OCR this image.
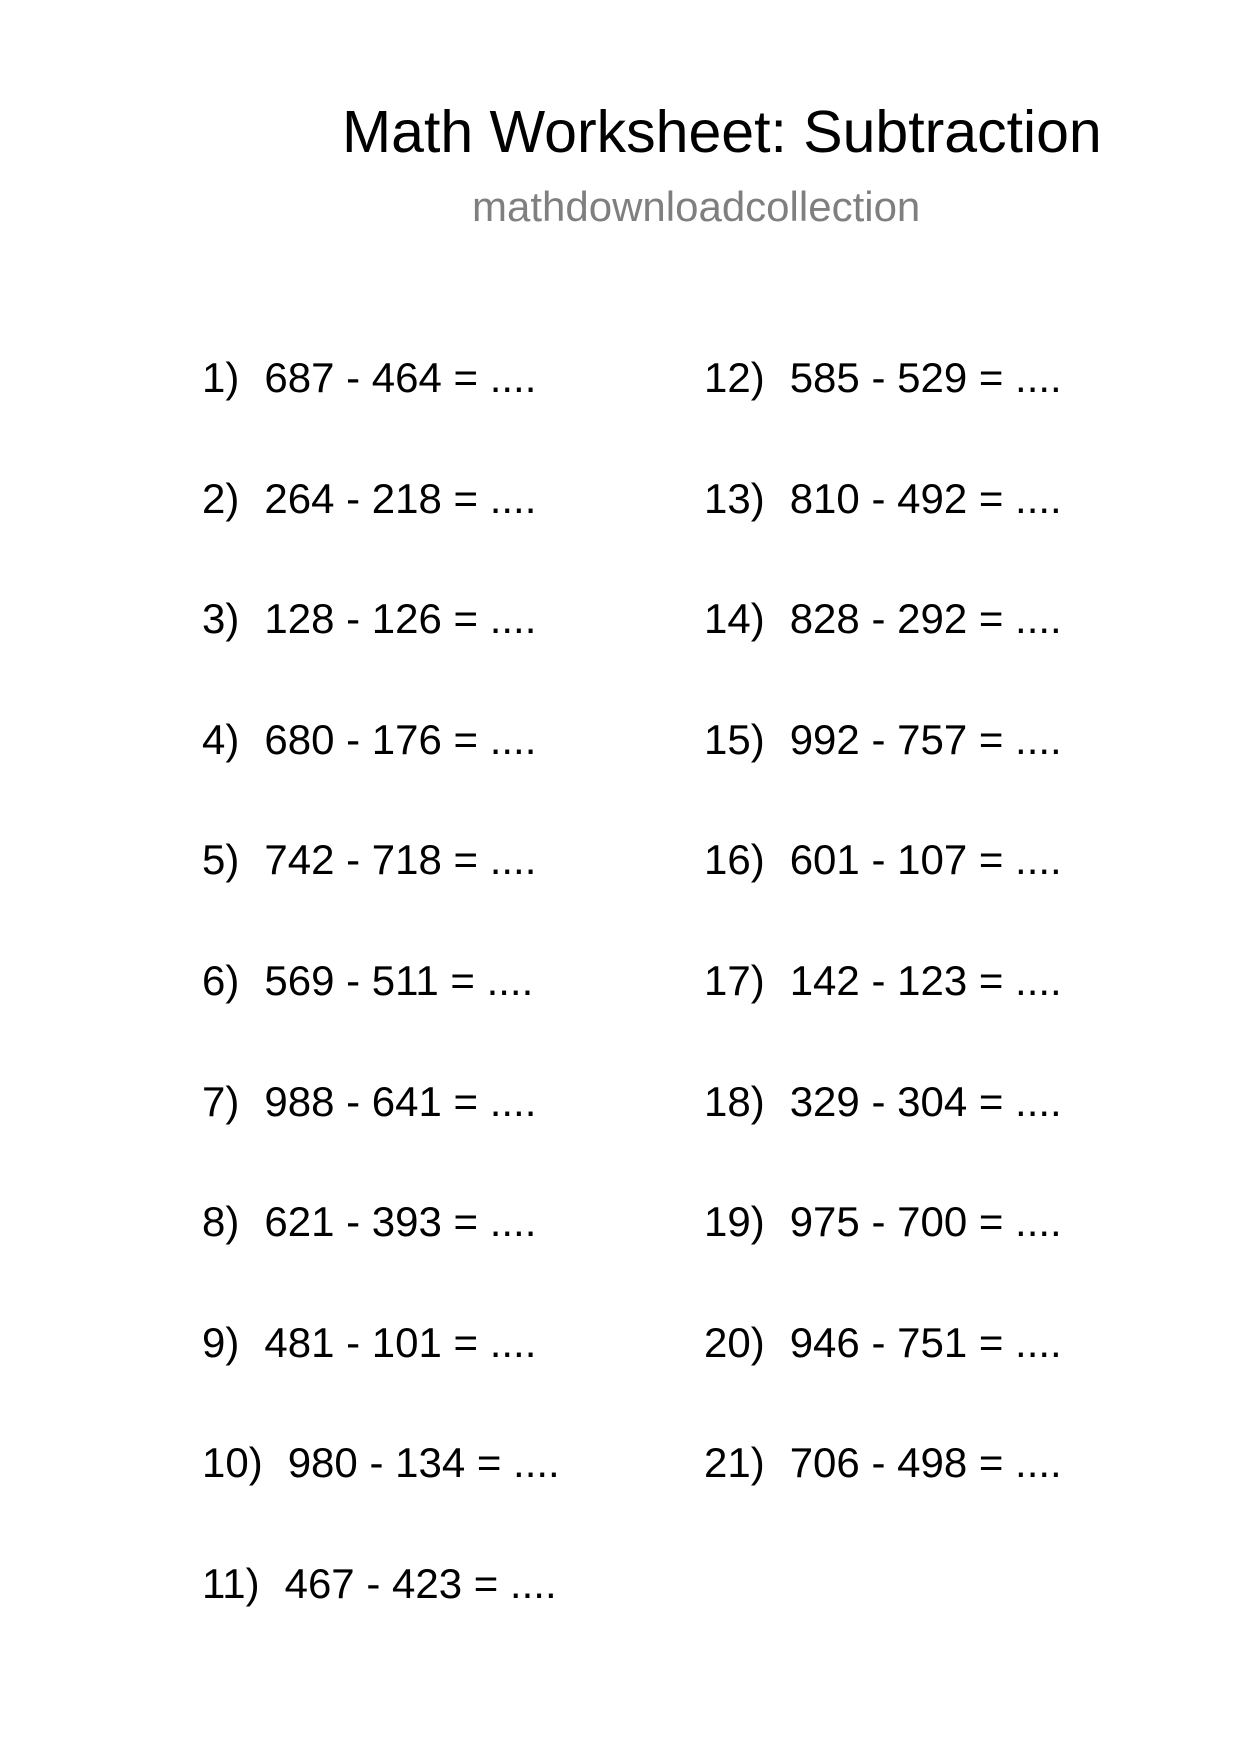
Math Worksheet: Subtraction
mathdownloadcollection
1) 687 - 464 = ....
2) 264 - 218 = ....
3) 128 - 126 = ....
4) 680 - 176 = ....
5) 742 - 718 = ....
6) 569 - 511 = ....
7) 988 - 641 = ....
8) 621 - 393 = ....
9) 481 - 101 = ....
10) 980 - 134 = ....
11) 467 - 423 = ....
12) 585 - 529 = ....
13) 810 - 492 = ....
14) 828 - 292 = ....
15) 992 - 757 = ....
16) 601 - 107 = ....
17) 142 - 123 = ....
18) 329 - 304 = ....
19) 975 - 700 = ....
20) 946 - 751 = ....
21) 706 - 498 = ....
